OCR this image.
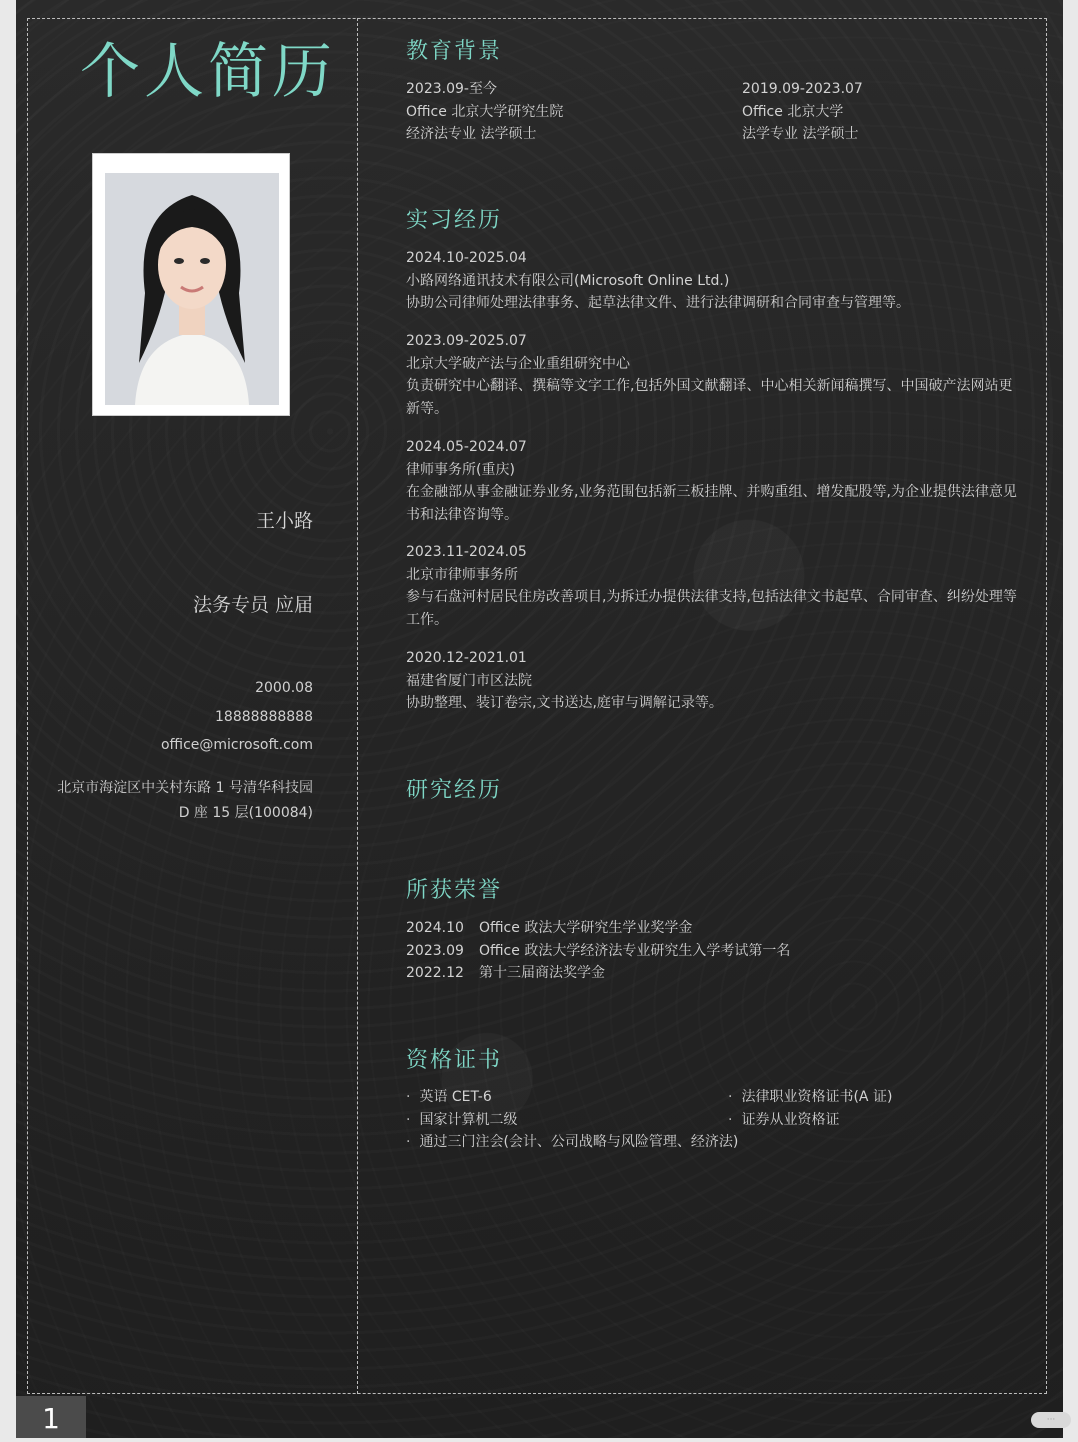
个人简历
王小路
法务专员 应届
2000.08
18888888888
office@microsoft.com
北京市海淀区中关村东路 1 号清华科技园 D 座 15 层(100084)
教育背景
2023.09-至今
Office 北京大学研究生院
经济法专业 法学硕士
2019.09-2023.07
Office 北京大学
法学专业 法学硕士
实习经历
2024.10-2025.04
小路网络通讯技术有限公司(Microsoft Online Ltd.)
协助公司律师处理法律事务、起草法律文件、进行法律调研和合同审查与管理等。
2023.09-2025.07
北京大学破产法与企业重组研究中心
负责研究中心翻译、撰稿等文字工作,包括外国文献翻译、中心相关新闻稿撰写、中国破产法网站更新等。
2024.05-2024.07
律师事务所(重庆)
在金融部从事金融证券业务,业务范围包括新三板挂牌、并购重组、增发配股等,为企业提供法律意见书和法律咨询等。
2023.11-2024.05
北京市律师事务所
参与石盘河村居民住房改善项目,为拆迁办提供法律支持,包括法律文书起草、合同审查、纠纷处理等工作。
2020.12-2021.01
福建省厦门市区法院
协助整理、装订卷宗,文书送达,庭审与调解记录等。
研究经历
所获荣誉
2024.10 Office 政法大学研究生学业奖学金
2023.09 Office 政法大学经济法专业研究生入学考试第一名
2022.12 第十三届商法奖学金
资格证书
· 英语 CET-6
· 国家计算机二级
· 通过三门注会(会计、公司战略与风险管理、经济法)
· 法律职业资格证书(A 证)
· 证券从业资格证
1	···
